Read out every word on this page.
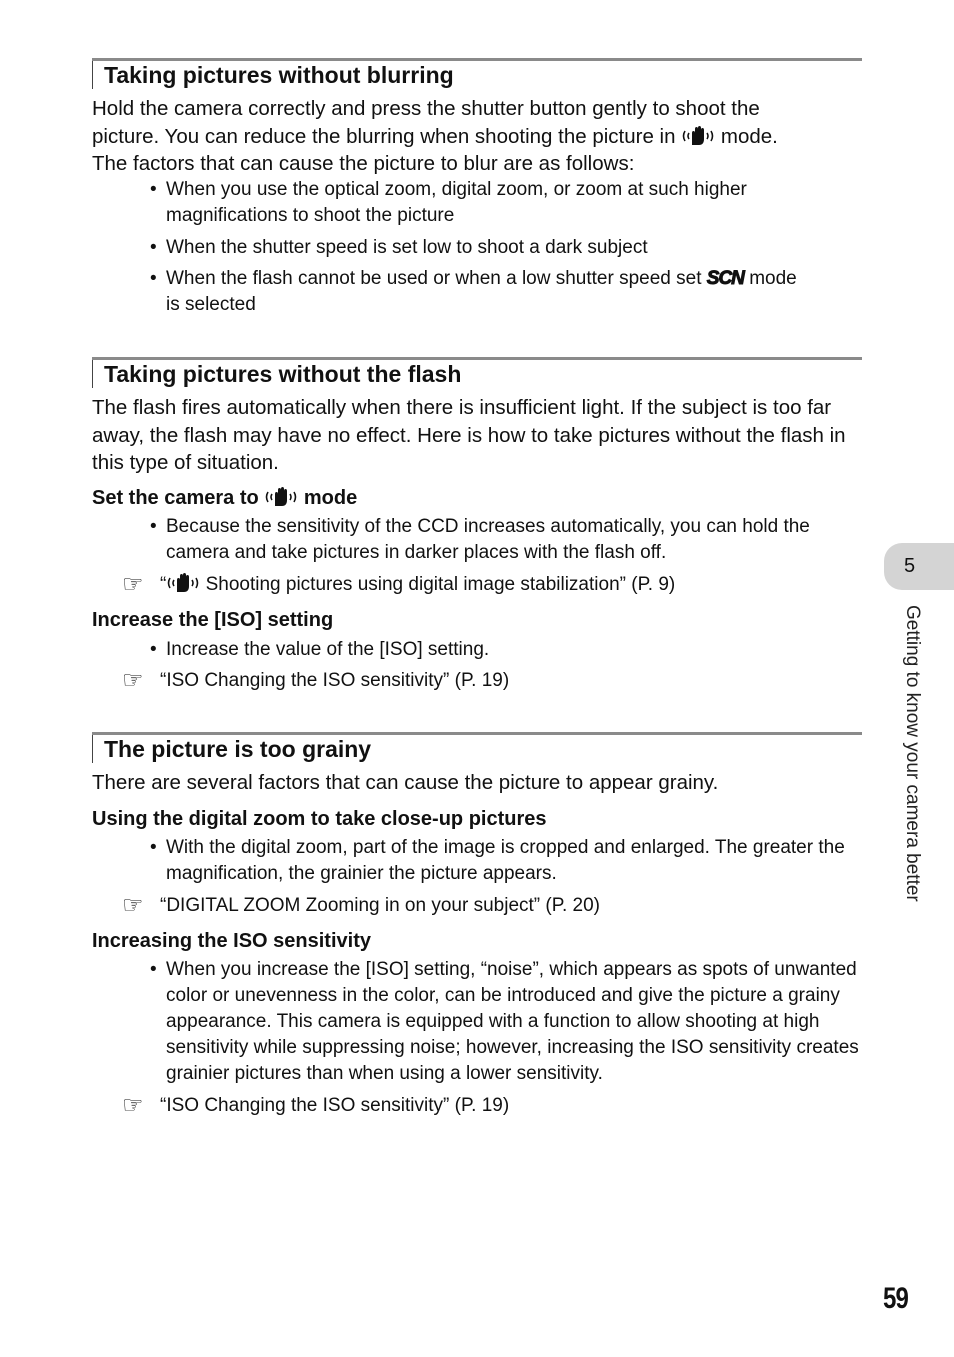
Taking pictures without blurring
Hold the camera correctly and press the shutter button gently to shoot the
picture. You can reduce the blurring when shooting the picture in mode.
The factors that can cause the picture to blur are as follows:
• When you use the optical zoom, digital zoom, or zoom at such higher magnifications to shoot the picture
• When the shutter speed is set low to shoot a dark subject
• When the flash cannot be used or when a low shutter speed set SCN mode
is selected
Taking pictures without the flash
The flash fires automatically when there is insufficient light. If the subject is too far away, the flash may have no effect. Here is how to take pictures without the flash in this type of situation.
Set the camera to mode
• Because the sensitivity of the CCD increases automatically, you can hold the camera and take pictures in darker places with the flash off.
☞ “ Shooting pictures using digital image stabilization” (P. 9)
Increase the [ISO] setting
• Increase the value of the [ISO] setting.
☞ “ISO Changing the ISO sensitivity” (P. 19)
The picture is too grainy
There are several factors that can cause the picture to appear grainy.
Using the digital zoom to take close-up pictures
• With the digital zoom, part of the image is cropped and enlarged. The greater the magnification, the grainier the picture appears.
☞ “DIGITAL ZOOM Zooming in on your subject” (P. 20)
Increasing the ISO sensitivity
• When you increase the [ISO] setting, “noise”, which appears as spots of unwanted color or unevenness in the color, can be introduced and give the picture a grainy appearance. This camera is equipped with a function to allow shooting at high sensitivity while suppressing noise; however, increasing the ISO sensitivity creates grainier pictures than when using a lower sensitivity.
☞ “ISO Changing the ISO sensitivity” (P. 19)
5
Getting to know your camera better
59
